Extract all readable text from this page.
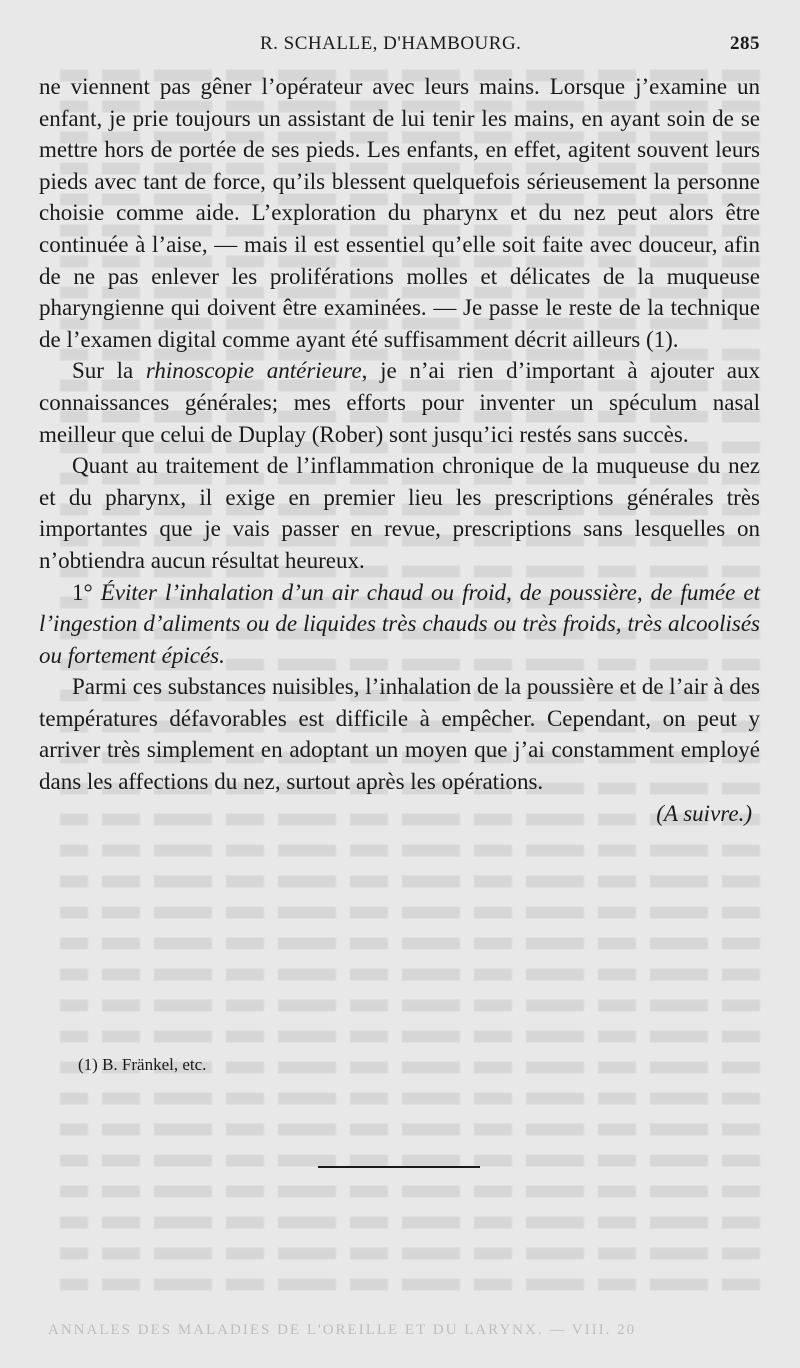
R. SCHALLE, D'HAMBOURG.	285

ne viennent pas gêner l’opérateur avec leurs mains. Lorsque j’examine un enfant, je prie toujours un assistant de lui tenir les mains, en ayant soin de se mettre hors de portée de ses pieds. Les enfants, en effet, agitent souvent leurs pieds avec tant de force, qu’ils blessent quelquefois sérieusement la personne choisie comme aide. L’exploration du pharynx et du nez peut alors être continuée à l’aise, — mais il est essentiel qu’elle soit faite avec douceur, afin de ne pas enlever les proliférations molles et délicates de la muqueuse pharyngienne qui doivent être examinées. — Je passe le reste de la technique de l’examen digital comme ayant été suffisamment décrit ailleurs (1).

Sur la rhinoscopie antérieure, je n’ai rien d’important à ajouter aux connaissances générales; mes efforts pour inventer un spéculum nasal meilleur que celui de Duplay (Rober) sont jusqu’ici restés sans succès.

Quant au traitement de l’inflammation chronique de la muqueuse du nez et du pharynx, il exige en premier lieu les prescriptions générales très importantes que je vais passer en revue, prescriptions sans lesquelles on n’obtiendra aucun résultat heureux.

1° Éviter l’inhalation d’un air chaud ou froid, de poussière, de fumée et l’ingestion d’aliments ou de liquides très chauds ou très froids, très alcoolisés ou fortement épicés.

Parmi ces substances nuisibles, l’inhalation de la poussière et de l’air à des températures défavorables est difficile à empêcher. Cependant, on peut y arriver très simplement en adoptant un moyen que j’ai constamment employé dans les affections du nez, surtout après les opérations.

(A suivre.)

(1) B. Fränkel, etc.
ANNALES DES MALADIES DE L'OREILLE ET DU LARYNX. — VIII. 20
